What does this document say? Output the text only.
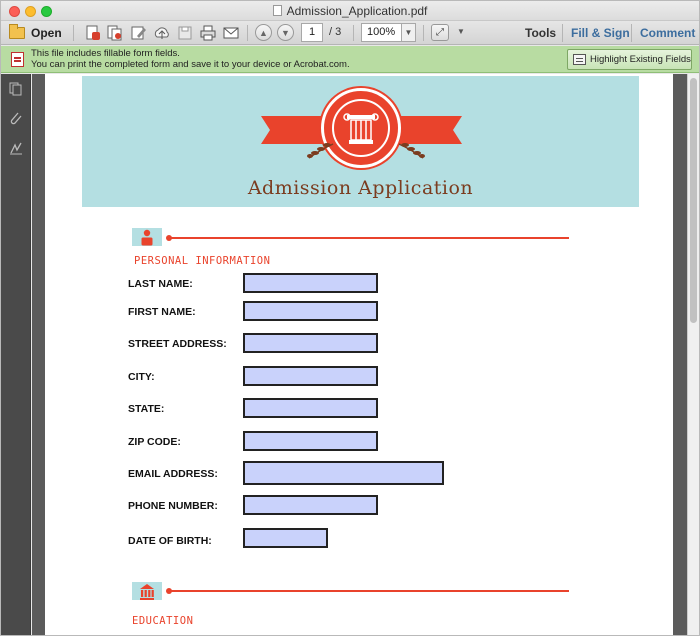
Admission_Application.pdf
Open	▲	▼	1	/ 3	100%	▼	⤢	▼	Tools Fill & Sign Comment
This file includes fillable form fields.
You can print the completed form and save it to your device or Acrobat.com.	Highlight Existing Fields
Admission Application
PERSONAL INFORMATION
LAST NAME:
FIRST NAME:
STREET ADDRESS:
CITY:
STATE:
ZIP CODE:
EMAIL ADDRESS:
PHONE NUMBER:
DATE OF BIRTH:
EDUCATION
